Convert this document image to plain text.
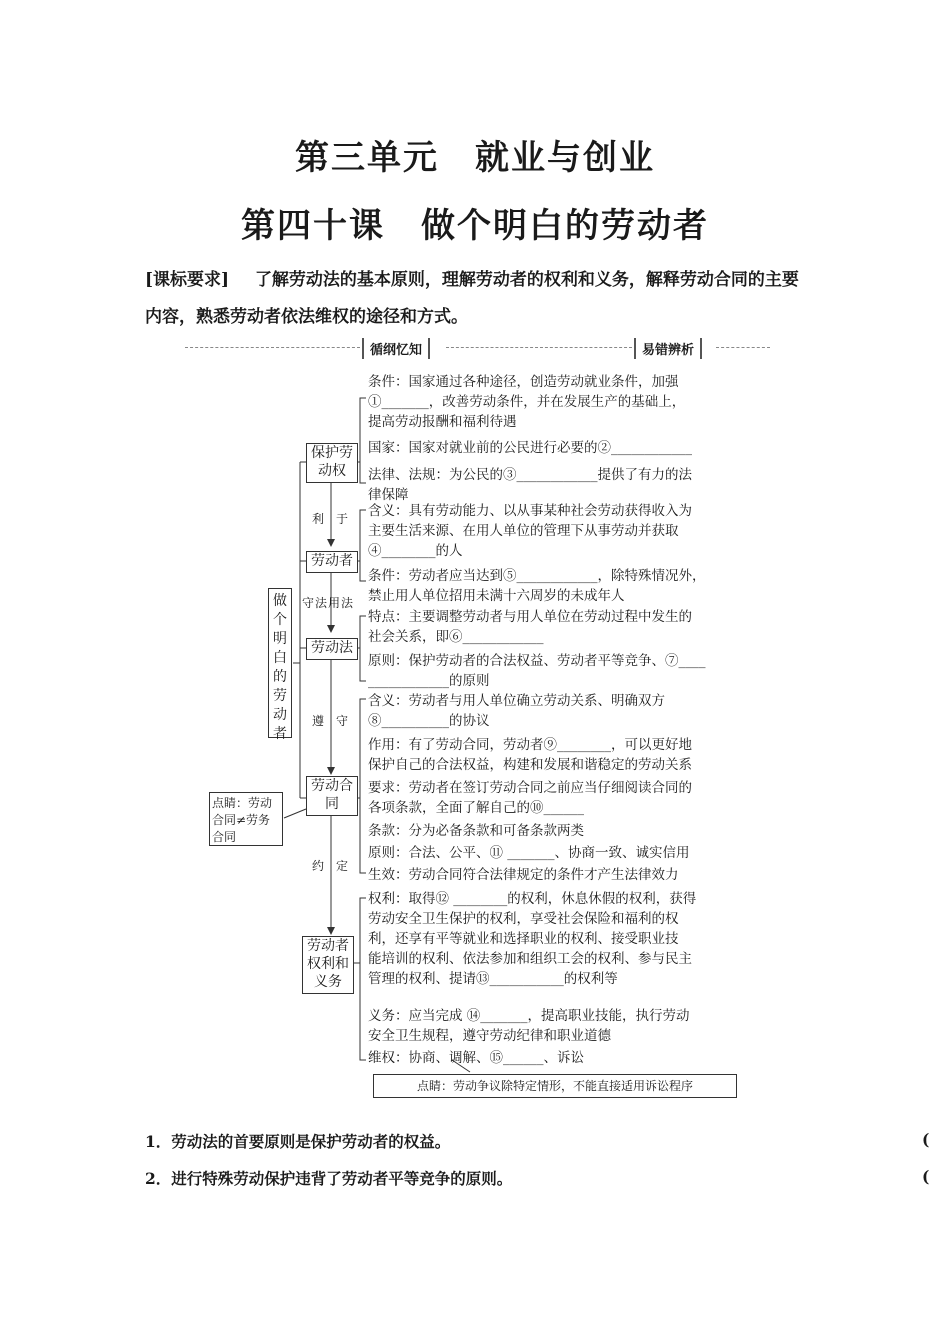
第三单元　就业与创业
第四十课　做个明白的劳动者
[课标要求] 了解劳动法的基本原则，理解劳动者的权利和义务，解释劳动合同的主要内容，熟悉劳动者依法维权的途径和方式。
循纲忆知	易错辨析
做个明白的劳动者
保护劳动权
劳动者
劳动法
劳动合同
劳动者权利和义务
利于
守法用法
遵守
约定
点睛：劳动合同≠劳务合同
点睛：劳动争议除特定情形，不能直接适用诉讼程序
条件：国家通过各种途径，创造劳动就业条件，加强
①_______，改善劳动条件，并在发展生产的基础上，
提高劳动报酬和福利待遇
国家：国家对就业前的公民进行必要的②____________
法律、法规：为公民的③____________提供了有力的法
律保障
含义：具有劳动能力、以从事某种社会劳动获得收入为
主要生活来源、在用人单位的管理下从事劳动并获取
④________的人
条件：劳动者应当达到⑤____________，除特殊情况外，
禁止用人单位招用未满十六周岁的未成年人
特点：主要调整劳动者与用人单位在劳动过程中发生的
社会关系，即⑥____________
原则：保护劳动者的合法权益、劳动者平等竞争、⑦____
____________的原则
含义：劳动者与用人单位确立劳动关系、明确双方
⑧__________的协议
作用：有了劳动合同，劳动者⑨________，可以更好地
保护自己的合法权益，构建和发展和谐稳定的劳动关系
要求：劳动者在签订劳动合同之前应当仔细阅读合同的
各项条款，全面了解自己的⑩______
条款：分为必备条款和可备条款两类
原则：合法、公平、⑪ _______、协商一致、诚实信用
生效：劳动合同符合法律规定的条件才产生法律效力
权利：取得⑫ ________的权利，休息休假的权利，获得
劳动安全卫生保护的权利，享受社会保险和福利的权
利，还享有平等就业和选择职业的权利、接受职业技
能培训的权利、依法参加和组织工会的权利、参与民主
管理的权利、提请⑬___________的权利等
义务：应当完成 ⑭_______，提高职业技能，执行劳动
安全卫生规程，遵守劳动纪律和职业道德
维权：协商、调解、⑮______、诉讼
1．劳动法的首要原则是保护劳动者的权益。	(
2．进行特殊劳动保护违背了劳动者平等竞争的原则。	(
